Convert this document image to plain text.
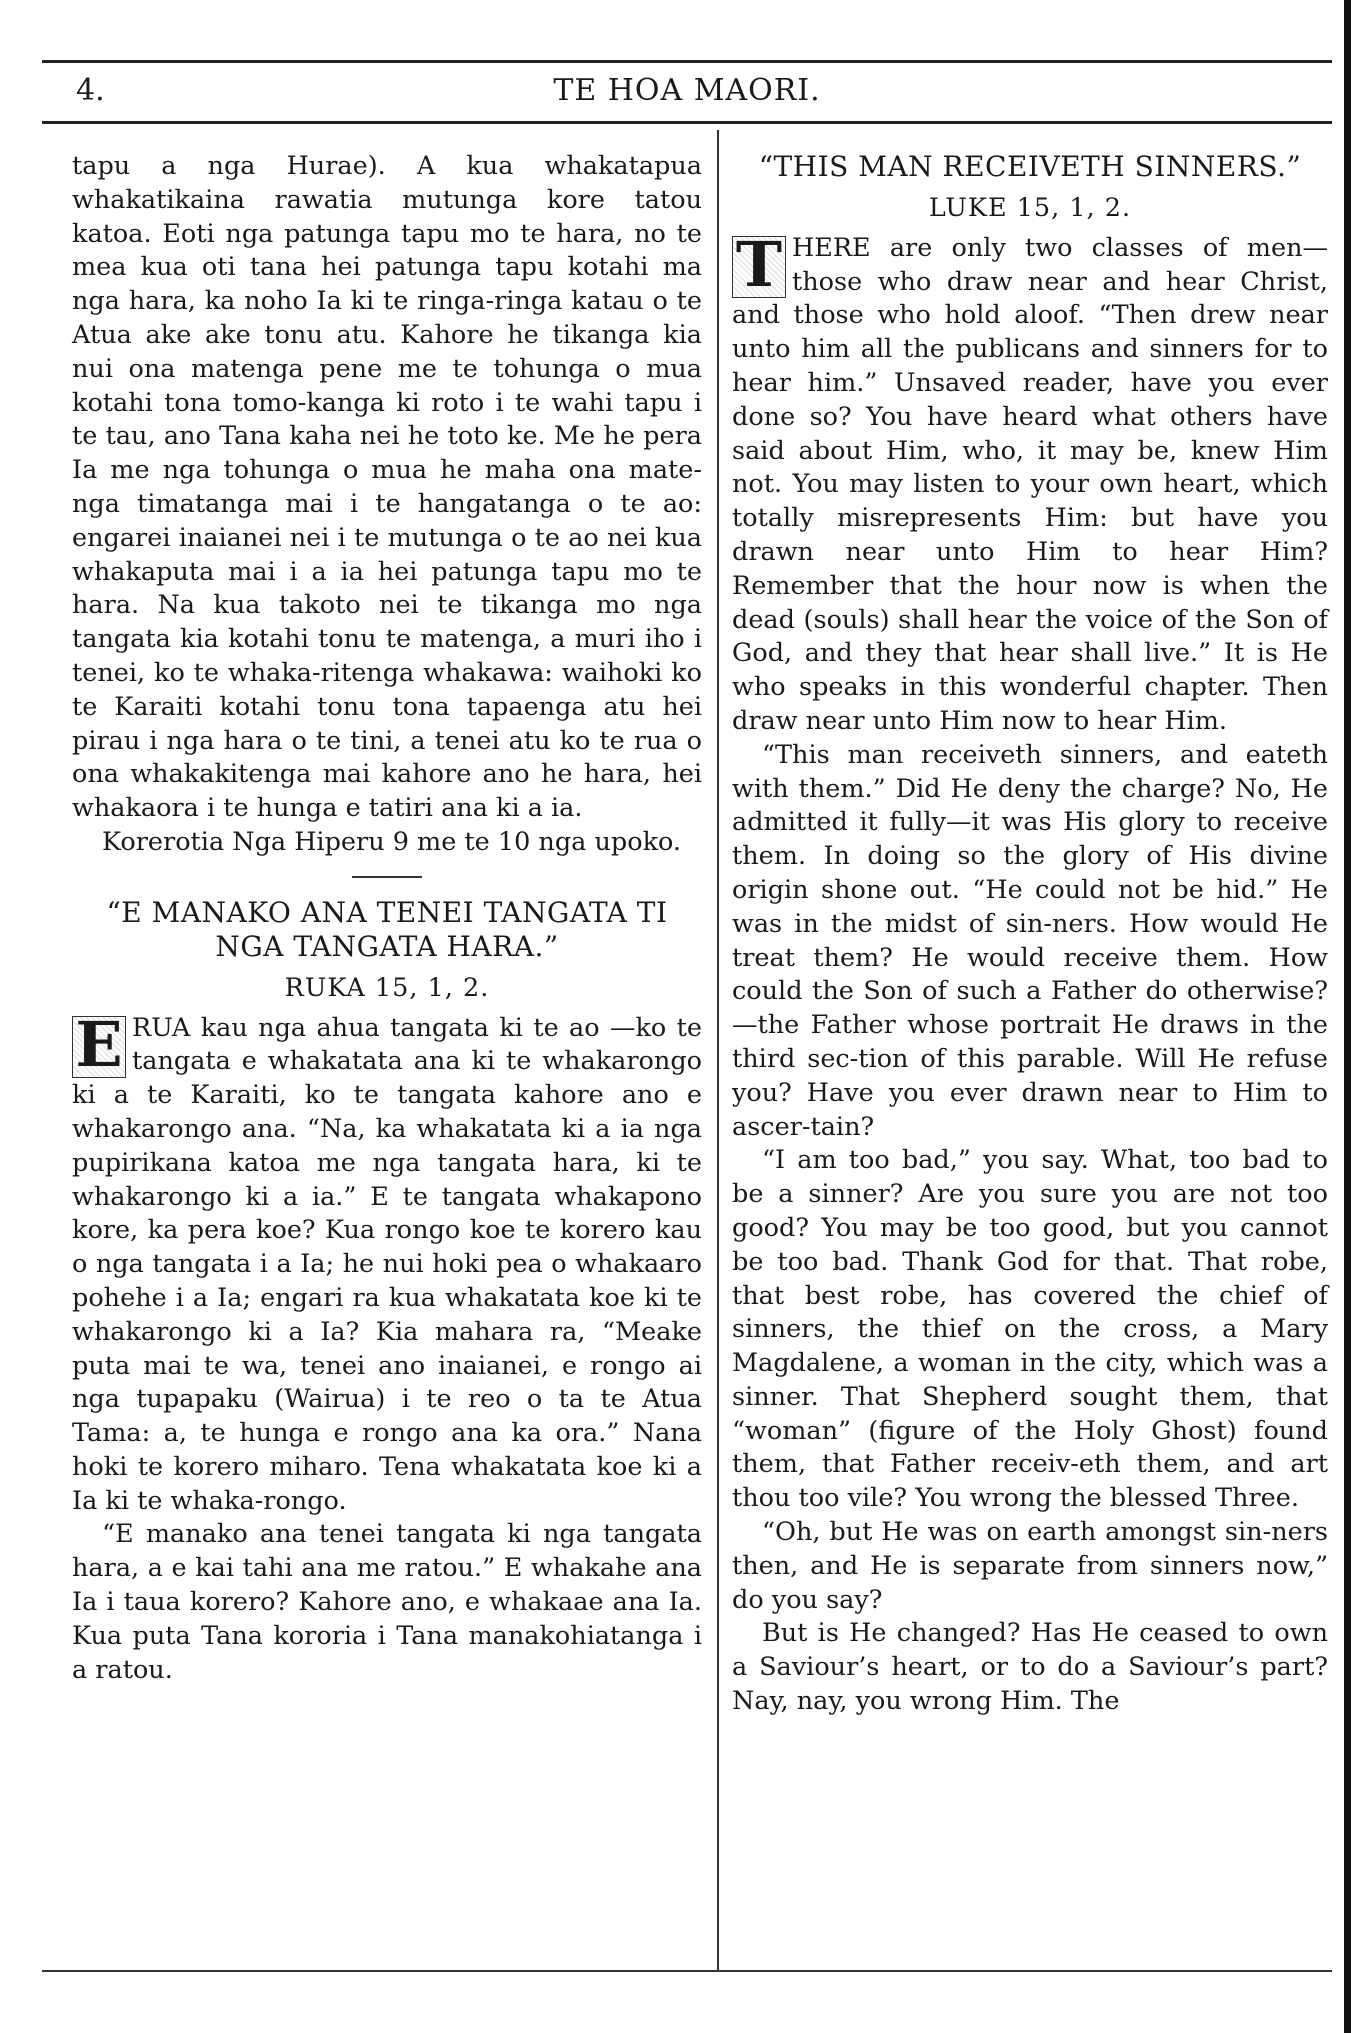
4.	TE HOA MAORI.

tapu a nga Hurae). A kua whakatapua whakatikaina rawatia mutunga kore tatou katoa. Eoti nga patunga tapu mo te hara, no te mea kua oti tana hei patunga tapu kotahi ma nga hara, ka noho Ia ki te ringa-ringa katau o te Atua ake ake tonu atu. Kahore he tikanga kia nui ona matenga pene me te tohunga o mua kotahi tona tomo-kanga ki roto i te wahi tapu i te tau, ano Tana kaha nei he toto ke. Me he pera Ia me nga tohunga o mua he maha ona mate-nga timatanga mai i te hangatanga o te ao: engarei inaianei nei i te mutunga o te ao nei kua whakaputa mai i a ia hei patunga tapu mo te hara. Na kua takoto nei te tikanga mo nga tangata kia kotahi tonu te matenga, a muri iho i tenei, ko te whaka-ritenga whakawa: waihoki ko te Karaiti kotahi tonu tona tapaenga atu hei pirau i nga hara o te tini, a tenei atu ko te rua o ona whakakitenga mai kahore ano he hara, hei whakaora i te hunga e tatiri ana ki a ia.

Korerotia Nga Hiperu 9 me te 10 nga upoko.

“E MANAKO ANA TENEI TANGATA TI NGA TANGATA HARA.”
RUKA 15, 1, 2.

E RUA kau nga ahua tangata ki te ao —ko te tangata e whakatata ana ki te whakarongo ki a te Karaiti, ko te tangata kahore ano e whakarongo ana. “Na, ka whakatata ki a ia nga pupirikana katoa me nga tangata hara, ki te whakarongo ki a ia.” E te tangata whakapono kore, ka pera koe? Kua rongo koe te korero kau o nga tangata i a Ia; he nui hoki pea o whakaaro pohehe i a Ia; engari ra kua whakatata koe ki te whakarongo ki a Ia? Kia mahara ra, “Meake puta mai te wa, tenei ano inaianei, e rongo ai nga tupapaku (Wairua) i te reo o ta te Atua Tama: a, te hunga e rongo ana ka ora.” Nana hoki te korero miharo. Tena whakatata koe ki a Ia ki te whaka-rongo.

“E manako ana tenei tangata ki nga tangata hara, a e kai tahi ana me ratou.” E whakahe ana Ia i taua korero? Kahore ano, e whakaae ana Ia. Kua puta Tana kororia i Tana manakohiatanga i a ratou.

“THIS MAN RECEIVETH SINNERS.”
LUKE 15, 1, 2.

T HERE are only two classes of men— those who draw near and hear Christ, and those who hold aloof. “Then drew near unto him all the publicans and sinners for to hear him.” Unsaved reader, have you ever done so? You have heard what others have said about Him, who, it may be, knew Him not. You may listen to your own heart, which totally misrepresents Him: but have you drawn near unto Him to hear Him? Remember that the hour now is when the dead (souls) shall hear the voice of the Son of God, and they that hear shall live.” It is He who speaks in this wonderful chapter. Then draw near unto Him now to hear Him.

“This man receiveth sinners, and eateth with them.” Did He deny the charge? No, He admitted it fully—it was His glory to receive them. In doing so the glory of His divine origin shone out. “He could not be hid.” He was in the midst of sin-ners. How would He treat them? He would receive them. How could the Son of such a Father do otherwise?—the Father whose portrait He draws in the third sec-tion of this parable. Will He refuse you? Have you ever drawn near to Him to ascer-tain?

“I am too bad,” you say. What, too bad to be a sinner? Are you sure you are not too good? You may be too good, but you cannot be too bad. Thank God for that. That robe, that best robe, has covered the chief of sinners, the thief on the cross, a Mary Magdalene, a woman in the city, which was a sinner. That Shepherd sought them, that “woman” (figure of the Holy Ghost) found them, that Father receiv-eth them, and art thou too vile? You wrong the blessed Three.

“Oh, but He was on earth amongst sin-ners then, and He is separate from sinners now,” do you say?

But is He changed? Has He ceased to own a Saviour’s heart, or to do a Saviour’s part? Nay, nay, you wrong Him. The
